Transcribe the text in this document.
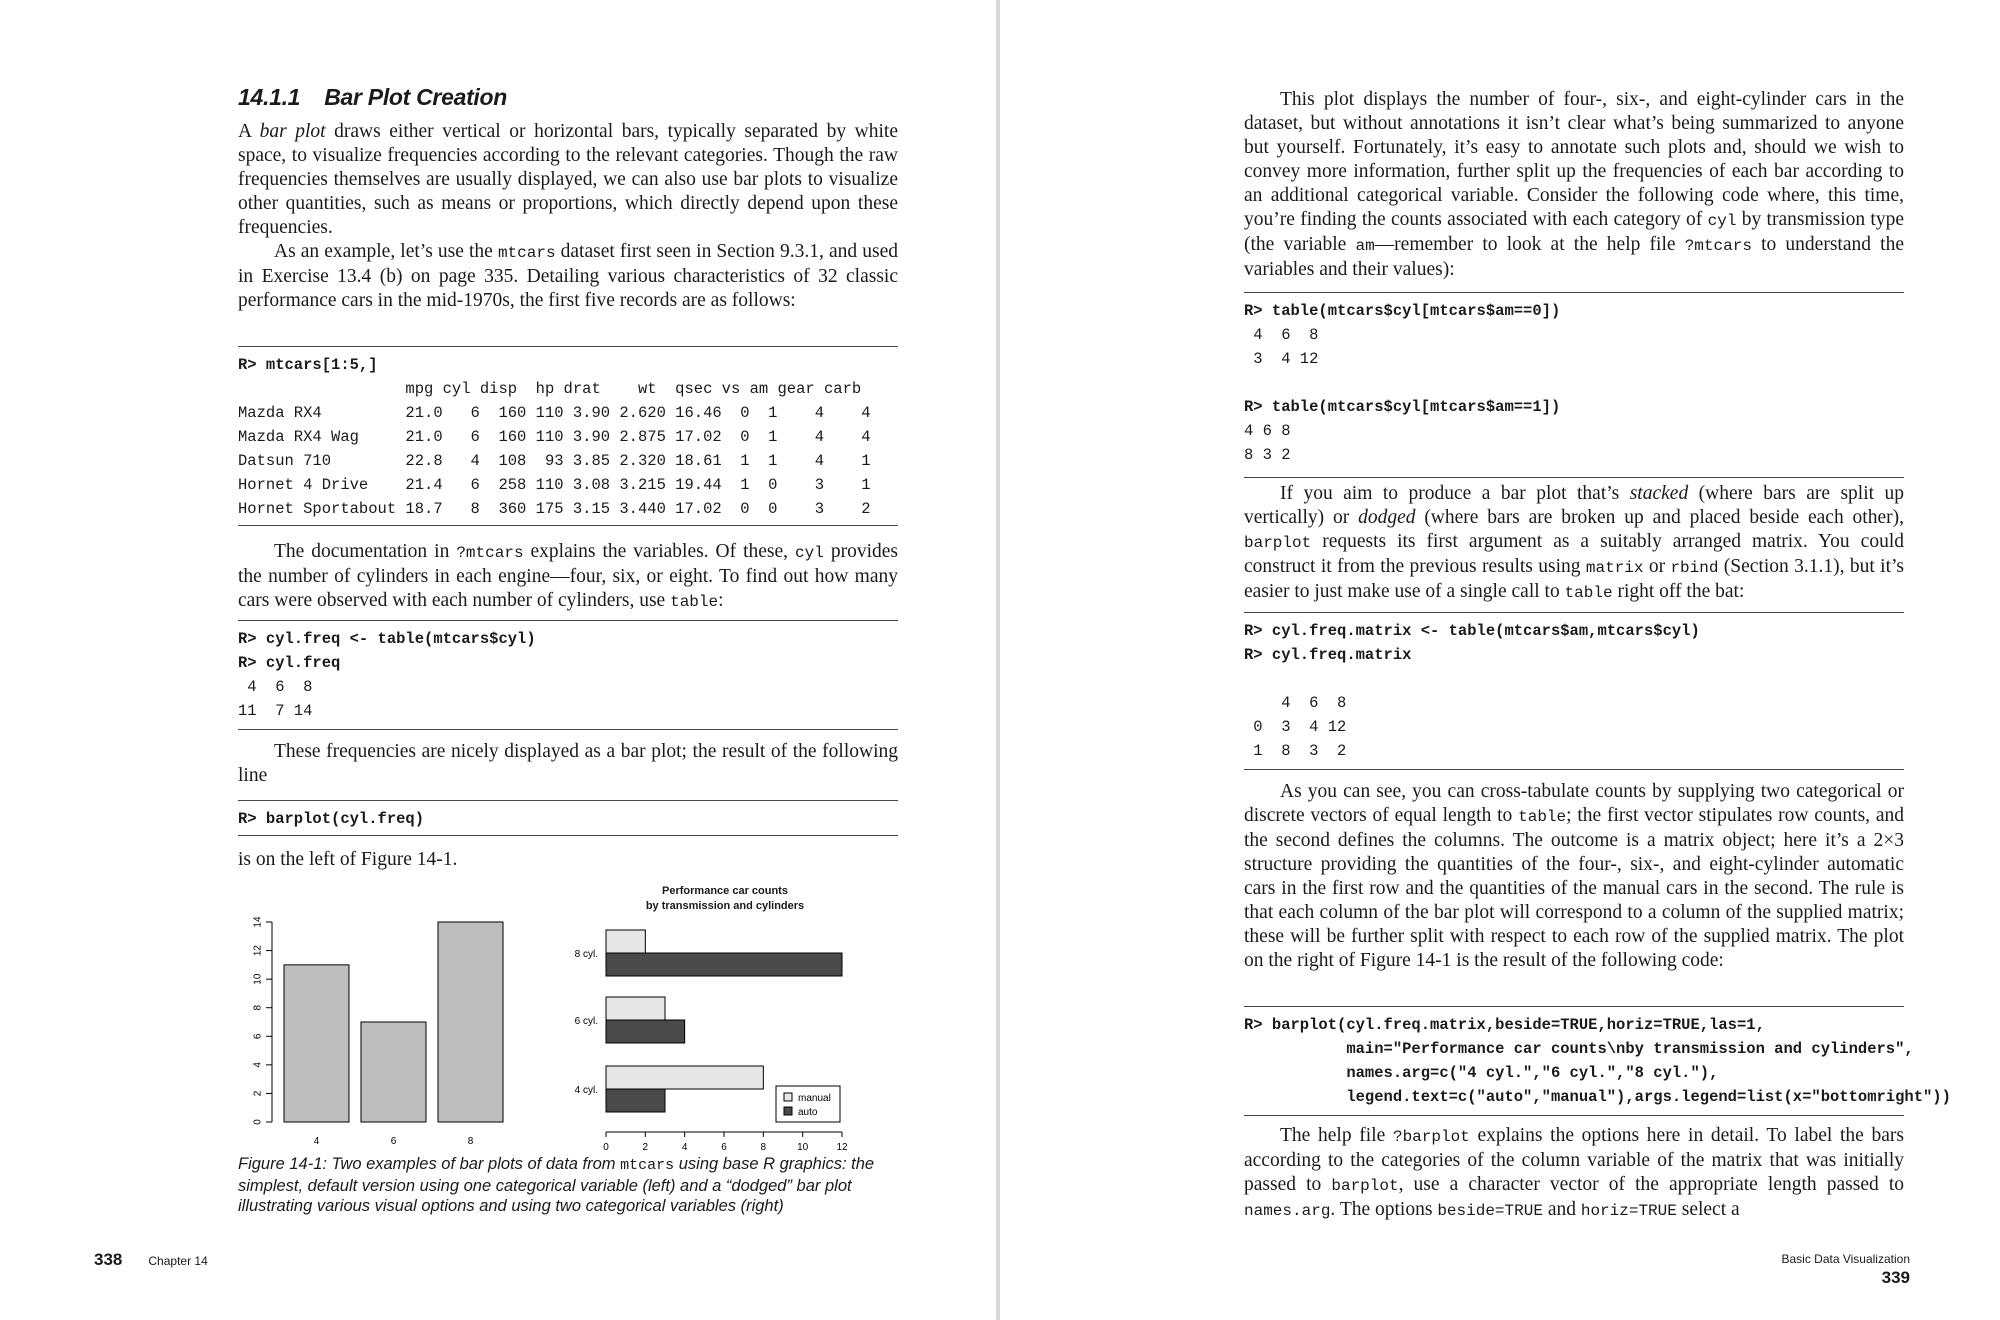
14.1.1 Bar Plot Creation

A bar plot draws either vertical or horizontal bars, typically separated by white space, to visualize frequencies according to the relevant categories. Though the raw frequencies themselves are usually displayed, we can also use bar plots to visualize other quantities, such as means or proportions, which directly depend upon these frequencies.

As an example, let’s use the mtcars dataset first seen in Section 9.3.1, and used in Exercise 13.4 (b) on page 335. Detailing various characteristics of 32 classic performance cars in the mid-1970s, the first five records are as follows:

R> mtcars[1:5,]
mpg cyl disp  hp drat    wt  qsec vs am gear carb
Mazda RX4         21.0   6  160 110 3.90 2.620 16.46  0  1    4    4
Mazda RX4 Wag     21.0   6  160 110 3.90 2.875 17.02  0  1    4    4
Datsun 710        22.8   4  108  93 3.85 2.320 18.61  1  1    4    1
Hornet 4 Drive    21.4   6  258 110 3.08 3.215 19.44  1  0    3    1
Hornet Sportabout 18.7   8  360 175 3.15 3.440 17.02  0  0    3    2

The documentation in ?mtcars explains the variables. Of these, cyl provides the number of cylinders in each engine—four, six, or eight. To find out how many cars were observed with each number of cylinders, use table:

R> cyl.freq <- table(mtcars$cyl)
R> cyl.freq
4  6  8
11  7 14

These frequencies are nicely displayed as a bar plot; the result of the following line

R> barplot(cyl.freq)

is on the left of Figure 14-1.

0
2
4
6
8
10
12
14
4	6	8
Performance car counts
by transmission and cylinders
4 cyl.
6 cyl.
8 cyl.
0	2	4	6	8	10	12
manual
auto
Figure 14-1: Two examples of bar plots of data from mtcars using base R graphics: the simplest, default version using one categorical variable (left) and a “dodged” bar plot illustrating various visual options and using two categorical variables (right)
338 Chapter 14

This plot displays the number of four-, six-, and eight-cylinder cars in the dataset, but without annotations it isn’t clear what’s being summarized to anyone but yourself. Fortunately, it’s easy to annotate such plots and, should we wish to convey more information, further split up the frequencies of each bar according to an additional categorical variable. Consider the following code where, this time, you’re finding the counts associated with each category of cyl by transmission type (the variable am—remember to look at the help file ?mtcars to understand the variables and their values):

R> table(mtcars$cyl[mtcars$am==0])
4  6  8
3  4 12

R> table(mtcars$cyl[mtcars$am==1])
4 6 8
8 3 2

If you aim to produce a bar plot that’s stacked (where bars are split up vertically) or dodged (where bars are broken up and placed beside each other), barplot requests its first argument as a suitably arranged matrix. You could construct it from the previous results using matrix or rbind (Section 3.1.1), but it’s easier to just make use of a single call to table right off the bat:

R> cyl.freq.matrix <- table(mtcars$am,mtcars$cyl)
R> cyl.freq.matrix

4  6  8
0  3  4 12
1  8  3  2

As you can see, you can cross-tabulate counts by supplying two categorical or discrete vectors of equal length to table; the first vector stipulates row counts, and the second defines the columns. The outcome is a matrix object; here it’s a 2×3 structure providing the quantities of the four-, six-, and eight-cylinder automatic cars in the first row and the quantities of the manual cars in the second. The rule is that each column of the bar plot will correspond to a column of the supplied matrix; these will be further split with respect to each row of the supplied matrix. The plot on the right of Figure 14-1 is the result of the following code:

R> barplot(cyl.freq.matrix,beside=TRUE,horiz=TRUE,las=1,
main="Performance car counts\nby transmission and cylinders",
names.arg=c("4 cyl.","6 cyl.","8 cyl."),
legend.text=c("auto","manual"),args.legend=list(x="bottomright"))

The help file ?barplot explains the options here in detail. To label the bars according to the categories of the column variable of the matrix that was initially passed to barplot, use a character vector of the appropriate length passed to names.arg. The options beside=TRUE and horiz=TRUE select a

Basic Data Visualization 339
